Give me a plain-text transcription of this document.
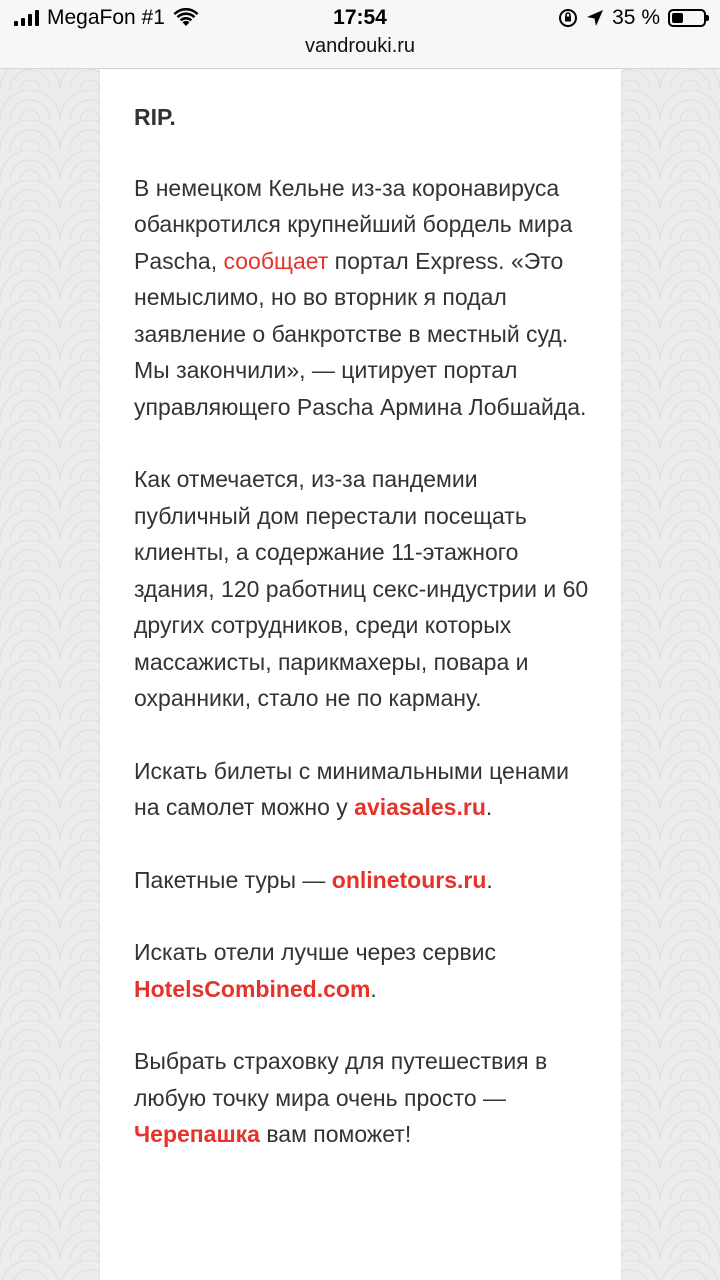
MegaFon #1	17:54	35 %
vandrouki.ru

RIP.

В немецком Кельне из-за коронавируса обанкротился крупнейший бордель мира Pascha, сообщает портал Express. «Это немыслимо, но во вторник я подал заявление о банкротстве в местный суд. Мы закончили», — цитирует портал управляющего Pascha Армина Лобшайда.

Как отмечается, из-за пандемии публичный дом перестали посещать клиенты, а содержание 11-этажного здания, 120 работниц секс-индустрии и 60 других сотрудников, среди которых массажисты, парикмахеры, повара и охранники, стало не по карману.

Искать билеты с минимальными ценами на самолет можно у aviasales.ru.

Пакетные туры — onlinetours.ru.

Искать отели лучше через сервис HotelsCombined.com.

Выбрать страховку для путешествия в любую точку мира очень просто — Черепашка вам поможет!
